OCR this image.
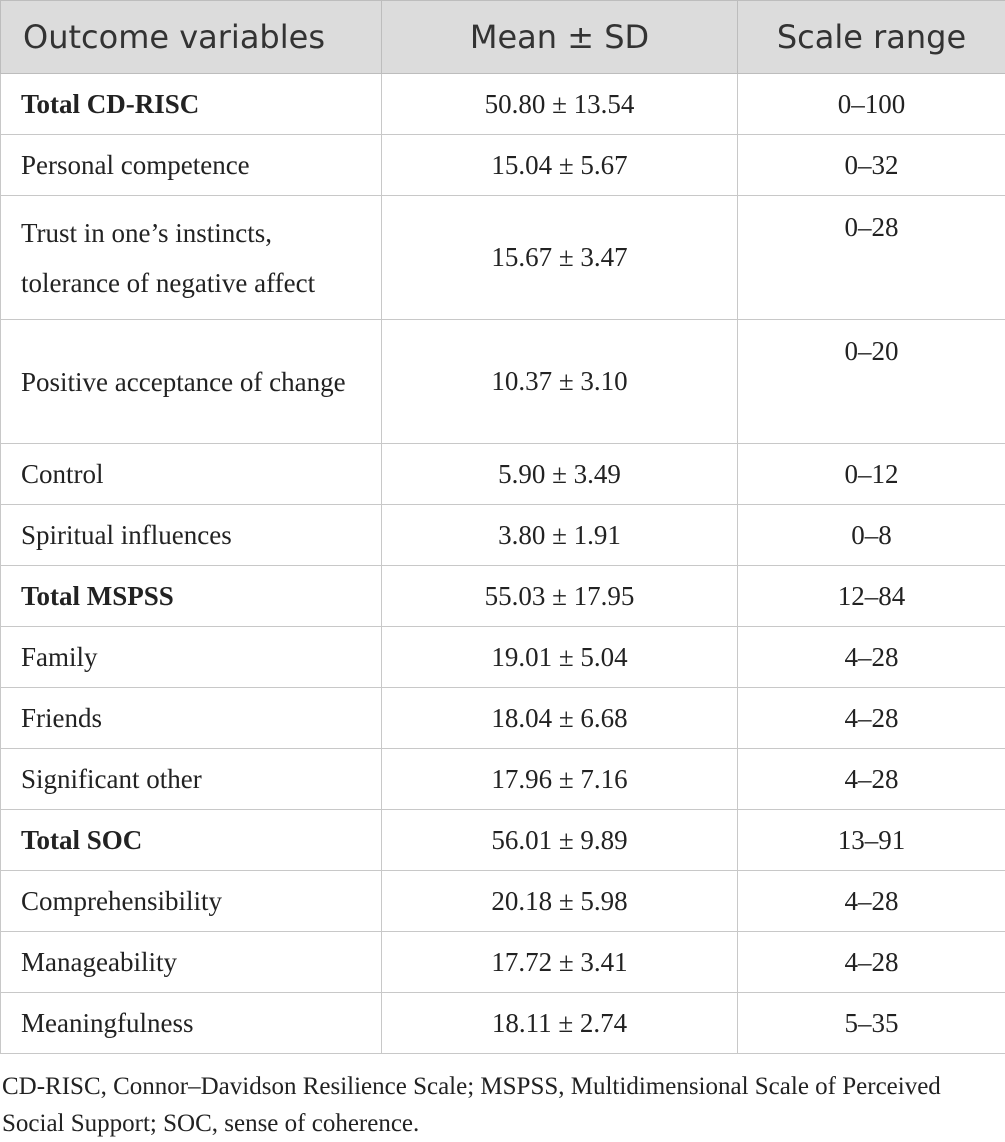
Outcome variables	Mean ± SD	Scale range
Total CD-RISC	50.80 ± 13.54	0–100
Personal competence	15.04 ± 5.67	0–32
Trust in one’s instincts, tolerance of negative affect	15.67 ± 3.47	0–28
Positive acceptance of change	10.37 ± 3.10	0–20
Control	5.90 ± 3.49	0–12
Spiritual influences	3.80 ± 1.91	0–8
Total MSPSS	55.03 ± 17.95	12–84
Family	19.01 ± 5.04	4–28
Friends	18.04 ± 6.68	4–28
Significant other	17.96 ± 7.16	4–28
Total SOC	56.01 ± 9.89	13–91
Comprehensibility	20.18 ± 5.98	4–28
Manageability	17.72 ± 3.41	4–28
Meaningfulness	18.11 ± 2.74	5–35
CD-RISC, Connor–Davidson Resilience Scale; MSPSS, Multidimensional Scale of Perceived Social Support; SOC, sense of coherence.
